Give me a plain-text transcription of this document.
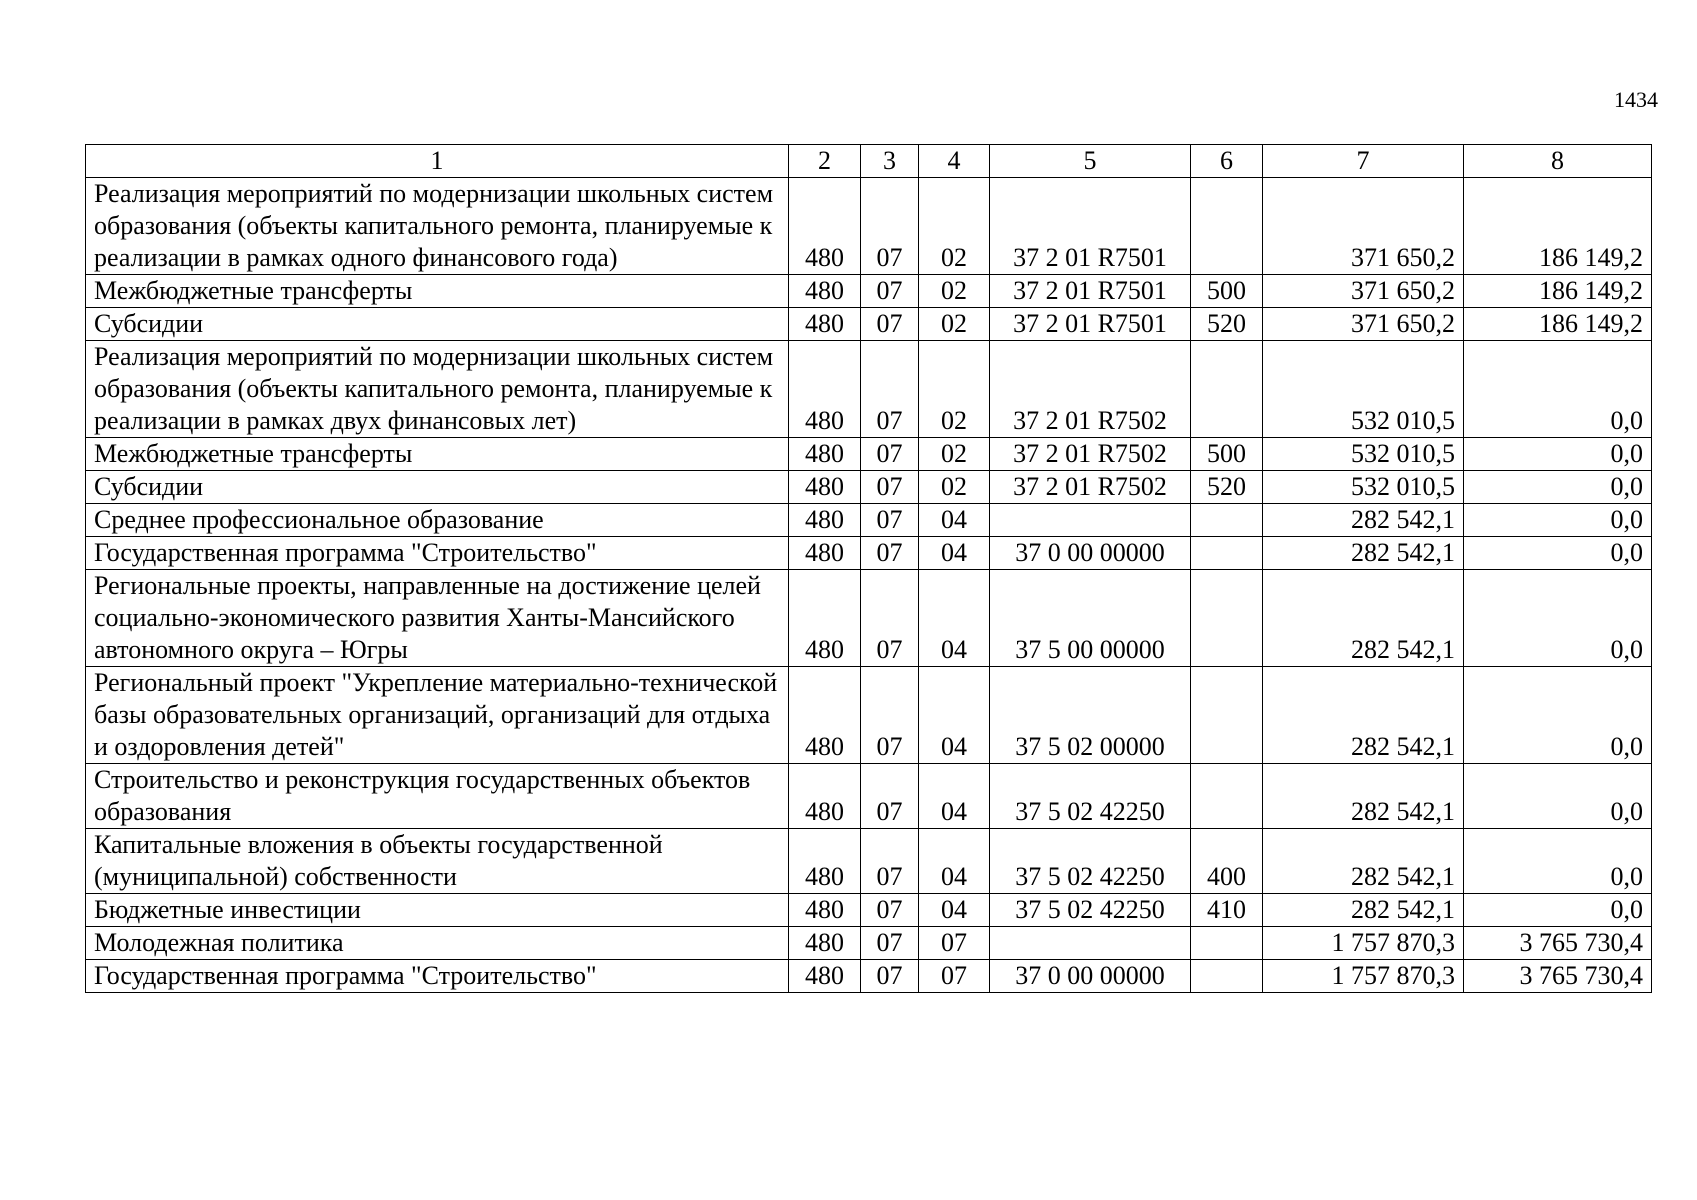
1434
1	2	3	4	5	6	7	8
Реализация мероприятий по модернизации школьных систем образования (объекты капитального ремонта, планируемые к реализации в рамках одного финансового года)	480	07	02	37 2 01 R7501		371 650,2	186 149,2
Межбюджетные трансферты	480	07	02	37 2 01 R7501	500	371 650,2	186 149,2
Субсидии	480	07	02	37 2 01 R7501	520	371 650,2	186 149,2
Реализация мероприятий по модернизации школьных систем образования (объекты капитального ремонта, планируемые к реализации в рамках двух финансовых лет)	480	07	02	37 2 01 R7502		532 010,5	0,0
Межбюджетные трансферты	480	07	02	37 2 01 R7502	500	532 010,5	0,0
Субсидии	480	07	02	37 2 01 R7502	520	532 010,5	0,0
Среднее профессиональное образование	480	07	04			282 542,1	0,0
Государственная программа "Строительство"	480	07	04	37 0 00 00000		282 542,1	0,0
Региональные проекты, направленные на достижение целей социально-экономического развития Ханты-Мансийского автономного округа – Югры	480	07	04	37 5 00 00000		282 542,1	0,0
Региональный проект "Укрепление материально-технической базы образовательных организаций, организаций для отдыха и оздоровления детей"	480	07	04	37 5 02 00000		282 542,1	0,0
Строительство и реконструкция государственных объектов образования	480	07	04	37 5 02 42250		282 542,1	0,0
Капитальные вложения в объекты государственной (муниципальной) собственности	480	07	04	37 5 02 42250	400	282 542,1	0,0
Бюджетные инвестиции	480	07	04	37 5 02 42250	410	282 542,1	0,0
Молодежная политика	480	07	07			1 757 870,3	3 765 730,4
Государственная программа "Строительство"	480	07	07	37 0 00 00000		1 757 870,3	3 765 730,4
